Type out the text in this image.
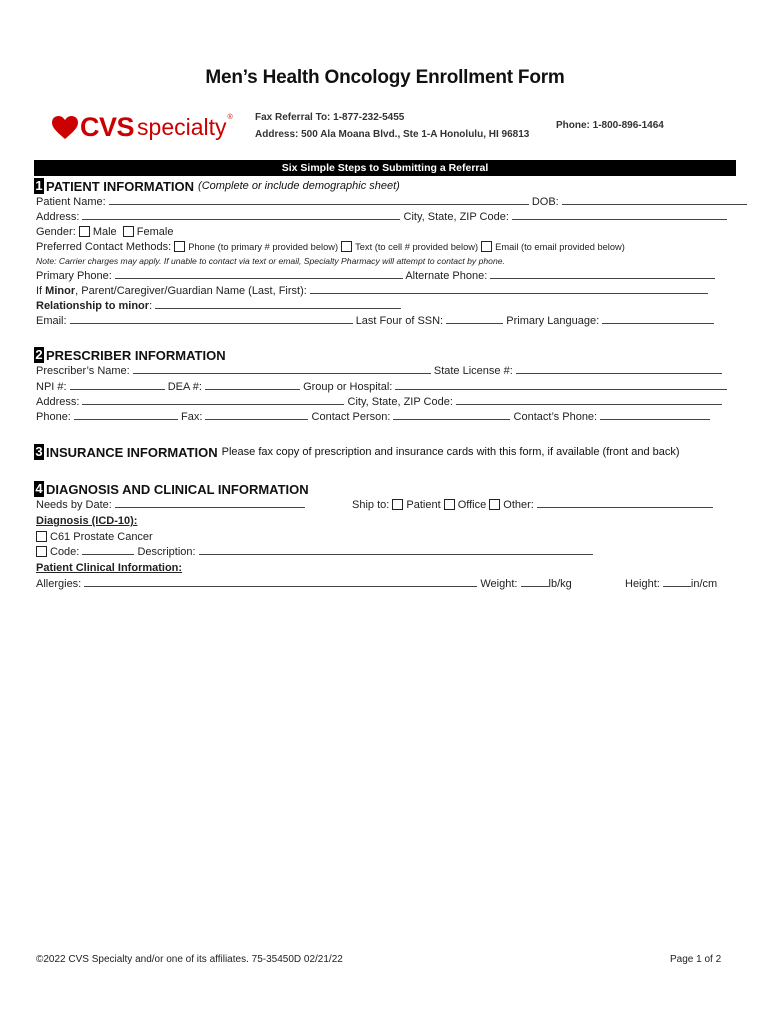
Men’s Health Oncology Enrollment Form
CVS specialty ® Fax Referral To: 1-877-232-5455
Address: 500 Ala Moana Blvd., Ste 1-A Honolulu, HI 96813
Phone: 1-800-896-1464
Six Simple Steps to Submitting a Referral
1 PATIENT INFORMATION (Complete or include demographic sheet)
Patient Name:	DOB:
Address:	City, State, ZIP Code:
Gender: Male Female
Preferred Contact Methods: Phone (to primary # provided below) Text (to cell # provided below) Email (to email provided below)
Note: Carrier charges may apply. If unable to contact via text or email, Specialty Pharmacy will attempt to contact by phone.
Primary Phone:	Alternate Phone:
If Minor, Parent/Caregiver/Guardian Name (Last, First):
Relationship to minor:
Email:	Last Four of SSN:	Primary Language:
2 PRESCRIBER INFORMATION
Prescriber’s Name:	State License #:
NPI #:	DEA #:	Group or Hospital:
Address:	City, State, ZIP Code:
Phone:	Fax:	Contact Person:	Contact’s Phone:
3 INSURANCE INFORMATION Please fax copy of prescription and insurance cards with this form, if available (front and back)
4 DIAGNOSIS AND CLINICAL INFORMATION
Needs by Date:	Ship to: Patient Office Other:
Diagnosis (ICD-10):
C61 Prostate Cancer
Code:	Description:
Patient Clinical Information:
Allergies:	Weight:	lb/kg	Height:	in/cm
©2022 CVS Specialty and/or one of its affiliates. 75-35450D 02/21/22	Page 1 of 2
